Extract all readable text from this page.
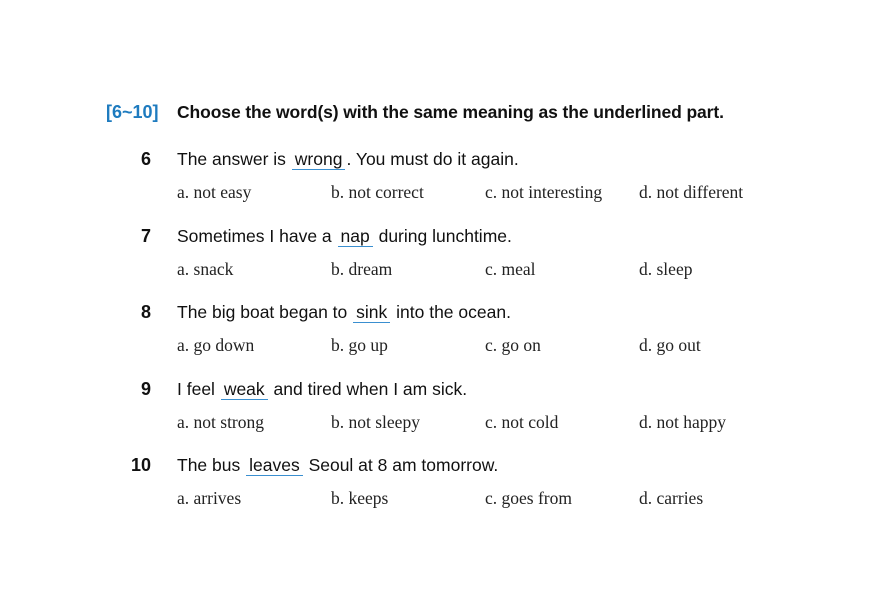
[6~10]	Choose the word(s) with the same meaning as the underlined part.
6 The answer is wrong . You must do it again.
a. not easy	b. not correct	c. not interesting d. not different
7 Sometimes I have a nap during lunchtime.
a. snack	b. dream	c. meal	d. sleep
8 The big boat began to sink into the ocean.
a. go down	b. go up	c. go on	d. go out
9 I feel weak and tired when I am sick.
a. not strong	b. not sleepy	c. not cold	d. not happy
10 The bus leaves Seoul at 8 am tomorrow.
a. arrives	b. keeps	c. goes from	d. carries
